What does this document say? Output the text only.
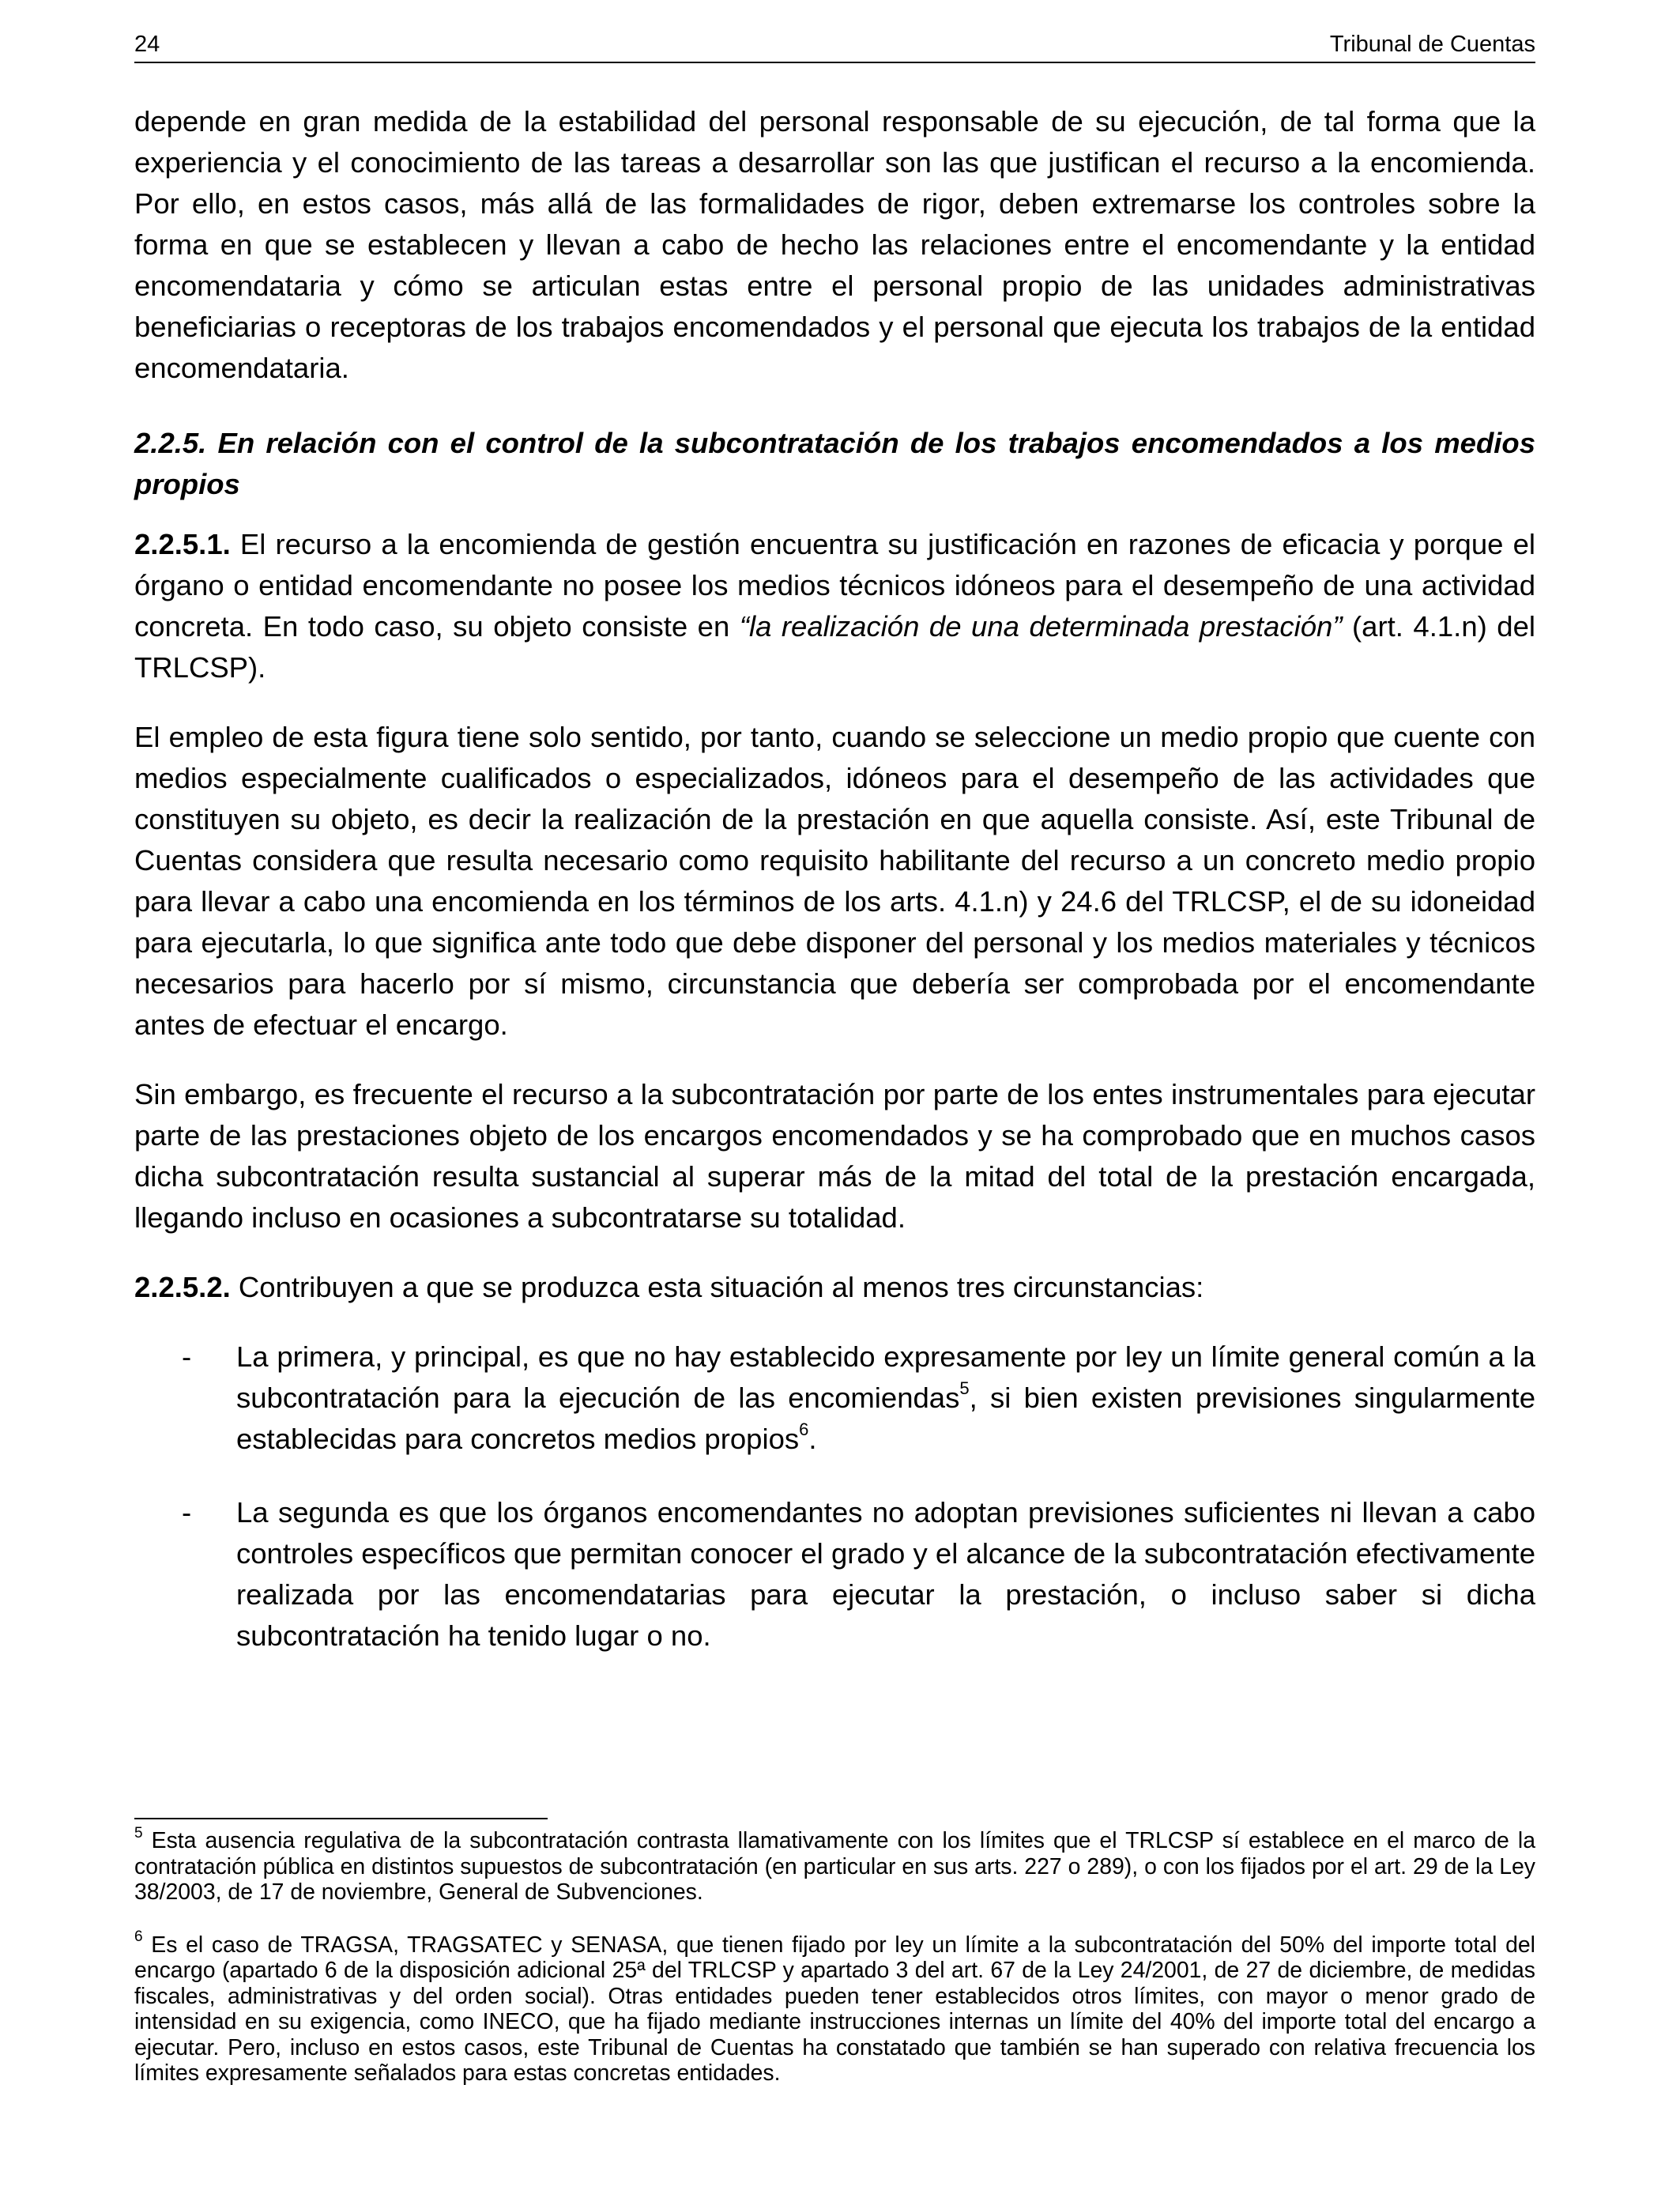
24	Tribunal de Cuentas

depende en gran medida de la estabilidad del personal responsable de su ejecución, de tal forma que la experiencia y el conocimiento de las tareas a desarrollar son las que justifican el recurso a la encomienda. Por ello, en estos casos, más allá de las formalidades de rigor, deben extremarse los controles sobre la forma en que se establecen y llevan a cabo de hecho las relaciones entre el encomendante y la entidad encomendataria y cómo se articulan estas entre el personal propio de las unidades administrativas beneficiarias o receptoras de los trabajos encomendados y el personal que ejecuta los trabajos de la entidad encomendataria.

2.2.5. En relación con el control de la subcontratación de los trabajos encomendados a los medios propios

2.2.5.1. El recurso a la encomienda de gestión encuentra su justificación en razones de eficacia y porque el órgano o entidad encomendante no posee los medios técnicos idóneos para el desempeño de una actividad concreta. En todo caso, su objeto consiste en “la realización de una determinada prestación” (art. 4.1.n) del TRLCSP).

El empleo de esta figura tiene solo sentido, por tanto, cuando se seleccione un medio propio que cuente con medios especialmente cualificados o especializados, idóneos para el desempeño de las actividades que constituyen su objeto, es decir la realización de la prestación en que aquella consiste. Así, este Tribunal de Cuentas considera que resulta necesario como requisito habilitante del recurso a un concreto medio propio para llevar a cabo una encomienda en los términos de los arts. 4.1.n) y 24.6 del TRLCSP, el de su idoneidad para ejecutarla, lo que significa ante todo que debe disponer del personal y los medios materiales y técnicos necesarios para hacerlo por sí mismo, circunstancia que debería ser comprobada por el encomendante antes de efectuar el encargo.

Sin embargo, es frecuente el recurso a la subcontratación por parte de los entes instrumentales para ejecutar parte de las prestaciones objeto de los encargos encomendados y se ha comprobado que en muchos casos dicha subcontratación resulta sustancial al superar más de la mitad del total de la prestación encargada, llegando incluso en ocasiones a subcontratarse su totalidad.

2.2.5.2. Contribuyen a que se produzca esta situación al menos tres circunstancias:

- La primera, y principal, es que no hay establecido expresamente por ley un límite general común a la subcontratación para la ejecución de las encomiendas$^5$, si bien existen previsiones singularmente establecidas para concretos medios propios$^6$.
- La segunda es que los órganos encomendantes no adoptan previsiones suficientes ni llevan a cabo controles específicos que permitan conocer el grado y el alcance de la subcontratación efectivamente realizada por las encomendatarias para ejecutar la prestación, o incluso saber si dicha subcontratación ha tenido lugar o no.

$^5$ Esta ausencia regulativa de la subcontratación contrasta llamativamente con los límites que el TRLCSP sí establece en el marco de la contratación pública en distintos supuestos de subcontratación (en particular en sus arts. 227 o 289), o con los fijados por el art. 29 de la Ley 38/2003, de 17 de noviembre, General de Subvenciones.

$^6$ Es el caso de TRAGSA, TRAGSATEC y SENASA, que tienen fijado por ley un límite a la subcontratación del 50% del importe total del encargo (apartado 6 de la disposición adicional 25ª del TRLCSP y apartado 3 del art. 67 de la Ley 24/2001, de 27 de diciembre, de medidas fiscales, administrativas y del orden social). Otras entidades pueden tener establecidos otros límites, con mayor o menor grado de intensidad en su exigencia, como INECO, que ha fijado mediante instrucciones internas un límite del 40% del importe total del encargo a ejecutar. Pero, incluso en estos casos, este Tribunal de Cuentas ha constatado que también se han superado con relativa frecuencia los límites expresamente señalados para estas concretas entidades.
